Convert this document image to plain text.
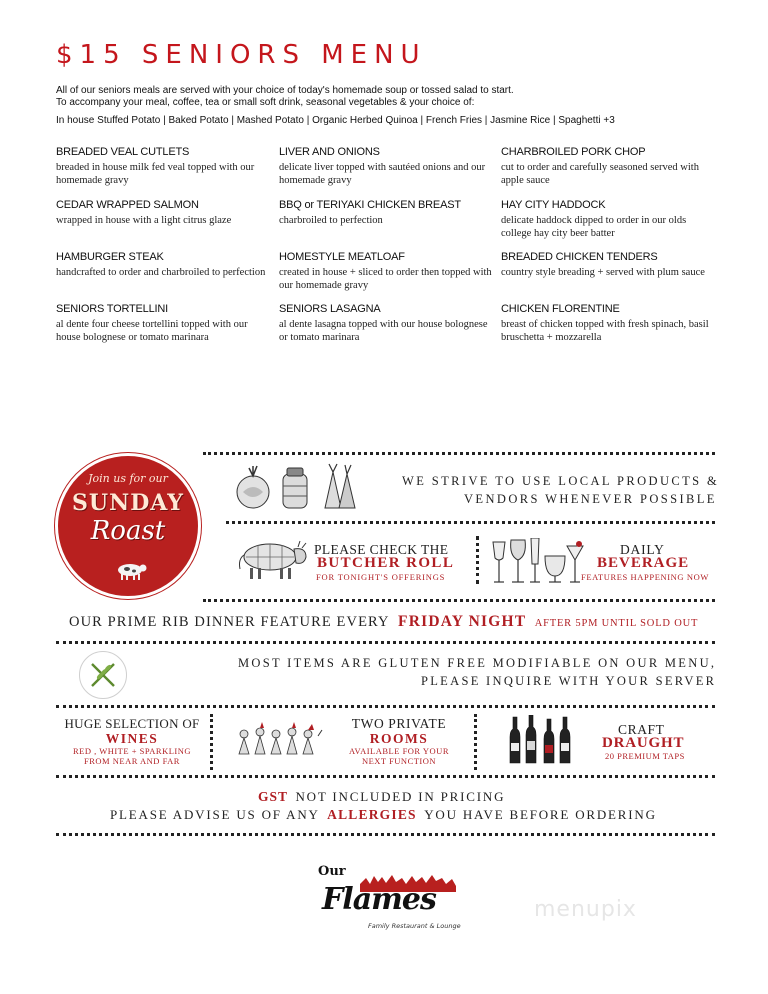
$15 SENIORS MENU
All of our seniors meals are served with your choice of today's homemade soup or tossed salad to start.
To accompany your meal, coffee, tea or small soft drink, seasonal vegetables & your choice of:
In house Stuffed Potato | Baked Potato | Mashed Potato | Organic Herbed Quinoa | French Fries | Jasmine Rice | Spaghetti +3
BREADED VEAL CUTLETS
breaded in house milk fed veal topped with our homemade gravy
CEDAR WRAPPED SALMON
wrapped in house with a light citrus glaze
HAMBURGER STEAK
handcrafted to order and charbroiled to perfection
SENIORS TORTELLINI
al dente four cheese tortellini topped with our house bolognese or tomato marinara
LIVER AND ONIONS
delicate liver topped with sautéed onions and our homemade gravy
BBQ or TERIYAKI CHICKEN BREAST
charbroiled to perfection
HOMESTYLE MEATLOAF
created in house + sliced to order then topped with our homemade gravy
SENIORS LASAGNA
al dente lasagna topped with our house bolognese or tomato marinara
CHARBROILED PORK CHOP
cut to order and carefully seasoned served with apple sauce
HAY CITY HADDOCK
delicate haddock dipped to order in our olds college hay city beer batter
BREADED CHICKEN TENDERS
country style breading + served with plum sauce
CHICKEN FLORENTINE
breast of chicken topped with fresh spinach, basil bruschetta + mozzarella
Join us for our
SUNDAY
Roast
WE STRIVE TO USE LOCAL PRODUCTS &
VENDORS WHENEVER POSSIBLE
PLEASE CHECK THE
BUTCHER ROLL
FOR TONIGHT'S OFFERINGS
DAILY
BEVERAGE
FEATURES HAPPENING NOW
OUR PRIME RIB DINNER FEATURE EVERY FRIDAY NIGHT AFTER 5PM UNTIL SOLD OUT
MOST ITEMS ARE GLUTEN FREE MODIFIABLE ON OUR MENU,
PLEASE INQUIRE WITH YOUR SERVER
HUGE SELECTION OF
WINES
RED , WHITE + SPARKLING
FROM NEAR AND FAR
TWO PRIVATE
ROOMS
AVAILABLE FOR YOUR
NEXT FUNCTION
CRAFT
DRAUGHT
20 PREMIUM TAPS
GST NOT INCLUDED IN PRICING
PLEASE ADVISE US OF ANY ALLERGIES YOU HAVE BEFORE ORDERING
Our
Flames
Family Restaurant & Lounge
menupix
